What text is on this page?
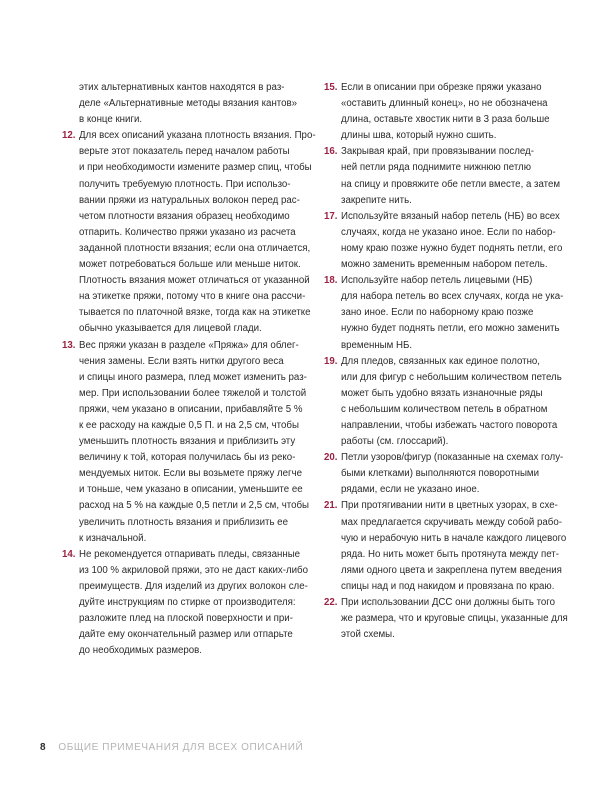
этих альтернативных кантов находятся в раз-
деле «Альтернативные методы вязания кантов»
в конце книги.
12. Для всех описаний указана плотность вязания. Про-
верьте этот показатель перед началом работы
и при необходимости измените размер спиц, чтобы
получить требуемую плотность. При использо-
вании пряжи из натуральных волокон перед рас-
четом плотности вязания образец необходимо
отпарить. Количество пряжи указано из расчета
заданной плотности вязания; если она отличается,
может потребоваться больше или меньше ниток.
Плотность вязания может отличаться от указанной
на этикетке пряжи, потому что в книге она рассчи-
тывается по платочной вязке, тогда как на этикетке
обычно указывается для лицевой глади.
13. Вес пряжи указан в разделе «Пряжа» для облег-
чения замены. Если взять нитки другого веса
и спицы иного размера, плед может изменить раз-
мер. При использовании более тяжелой и толстой
пряжи, чем указано в описании, прибавляйте 5 %
к ее расходу на каждые 0,5 П. и на 2,5 см, чтобы
уменьшить плотность вязания и приблизить эту
величину к той, которая получилась бы из реко-
мендуемых ниток. Если вы возьмете пряжу легче
и тоньше, чем указано в описании, уменьшите ее
расход на 5 % на каждые 0,5 петли и 2,5 см, чтобы
увеличить плотность вязания и приблизить ее
к изначальной.
14. Не рекомендуется отпаривать пледы, связанные
из 100 % акриловой пряжи, это не даст каких-либо
преимуществ. Для изделий из других волокон сле-
дуйте инструкциям по стирке от производителя:
разложите плед на плоской поверхности и при-
дайте ему окончательный размер или отпарьте
до необходимых размеров.
15. Если в описании при обрезке пряжи указано
«оставить длинный конец», но не обозначена
длина, оставьте хвостик нити в 3 раза больше
длины шва, который нужно сшить.
16. Закрывая край, при провязывании послед-
ней петли ряда поднимите нижнюю петлю
на спицу и провяжите обе петли вместе, а затем
закрепите нить.
17. Используйте вязаный набор петель (НБ) во всех
случаях, когда не указано иное. Если по набор-
ному краю позже нужно будет поднять петли, его
можно заменить временным набором петель.
18. Используйте набор петель лицевыми (НБ)
для набора петель во всех случаях, когда не ука-
зано иное. Если по наборному краю позже
нужно будет поднять петли, его можно заменить
временным НБ.
19. Для пледов, связанных как единое полотно,
или для фигур с небольшим количеством петель
может быть удобно вязать изнаночные ряды
с небольшим количеством петель в обратном
направлении, чтобы избежать частого поворота
работы (см. глоссарий).
20. Петли узоров/фигур (показанные на схемах голу-
быми клетками) выполняются поворотными
рядами, если не указано иное.
21. При протягивании нити в цветных узорах, в схе-
мах предлагается скручивать между собой рабо-
чую и нерабочую нить в начале каждого лицевого
ряда. Но нить может быть протянута между пет-
лями одного цвета и закреплена путем введения
спицы над и под накидом и провязана по краю.
22. При использовании ДСС они должны быть того
же размера, что и круговые спицы, указанные для
этой схемы.
8 ОБЩИЕ ПРИМЕЧАНИЯ ДЛЯ ВСЕХ ОПИСАНИЙ
